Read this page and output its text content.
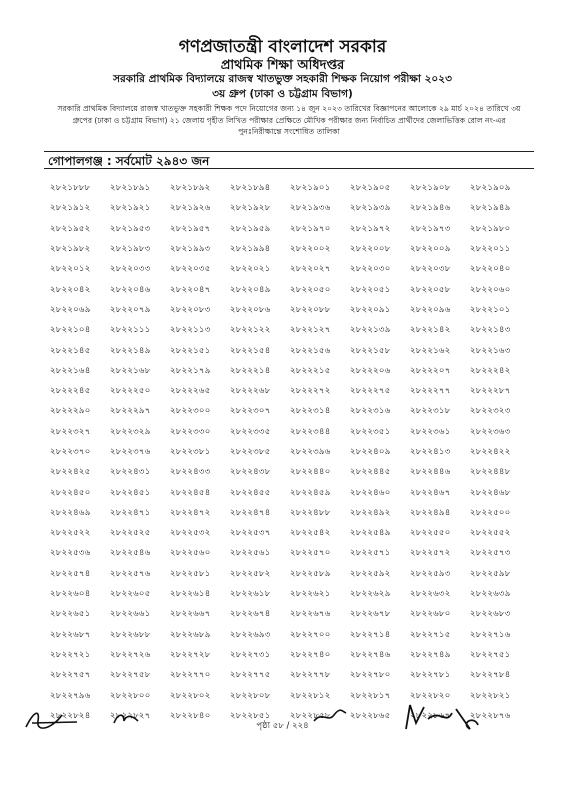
গণপ্রজাতন্ত্রী বাংলাদেশ সরকার
প্রাথমিক শিক্ষা অধিদপ্তর
সরকারি প্রাথমিক বিদ্যালয়ে রাজস্ব খাতভুক্ত সহকারী শিক্ষক নিয়োগ পরীক্ষা ২০২৩
৩য় গ্রুপ (ঢাকা ও চট্টগ্রাম বিভাগ)
সরকারি প্রাথমিক বিদ্যালয়ে রাজস্ব খাতভুক্ত সহকারী শিক্ষক পদে নিয়োগের জন্য ১৪ জুন ২০২৩ তারিখের বিজ্ঞাপনের আলোকে ২৯ মার্চ ২০২৪ তারিখে ৩য় গ্রুপের (ঢাকা ও চট্টগ্রাম বিভাগ) ২১ জেলায় গৃহীত লিখিত পরীক্ষার প্রেক্ষিতে মৌখিক পরীক্ষার জন্য নির্বাচিত প্রার্থীদের জেলাভিত্তিক রোল নং-এর পুনঃনিরীক্ষান্তে সংশোধিত তালিকা
গোপালগঞ্জ : সর্বমোট ২৯৪৩ জন
২৮২১৮৮৮	২৮২১৮৯১	২৮২১৮৯২	২৮২১৮৯৪	২৮২১৯০১	২৮২১৯০৫	২৮২১৯০৮	২৮২১৯০৯
২৮২১৯১২	২৮২১৯২১	২৮২১৯২৬	২৮২১৯২৮	২৮২১৯৩৬	২৮২১৯৩৯	২৮২১৯৪৬	২৮২১৯৪৯
২৮২১৯৫২	২৮২১৯৫৩	২৮২১৯৫৭	২৮২১৯৫৯	২৮২১৯৭০	২৮২১৯৭২	২৮২১৯৭৩	২৮২১৯৮০
২৮২১৯৮২	২৮২১৯৮৩	২৮২১৯৯৩	২৮২১৯৯৪	২৮২২০০২	২৮২২০০৮	২৮২২০০৯	২৮২২০১১
২৮২২০১২	২৮২২০৩৩	২৮২২০৩৫	২৮২২০২১	২৮২২০২৭	২৮২২০৩০	২৮২২০৩৮	২৮২২০৪০
২৮২২০৪২	২৮২২০৪৬	২৮২২০৪৭	২৮২২০৪৯	২৮২২০৫০	২৮২২০৫১	২৮২২০৫৮	২৮২২০৬০
২৮২২০৬৯	২৮২২০৭৯	২৮২২০৮৩	২৮২২০৮৬	২৮২২০৮৮	২৮২২০৯১	২৮২২০৯৬	২৮২২১০১
২৮২২১০৪	২৮২২১১১	২৮২২১১৩	২৮২২১২২	২৮২২১২৭	২৮২২১৩৯	২৮২২১৪২	২৮২২১৪৩
২৮২২১৪৫	২৮২২১৪৯	২৮২২১৫১	২৮২২১৫৪	২৮২২১৫৬	২৮২২১৫৮	২৮২২১৬২	২৮২২১৬৩
২৮২২১৬৪	২৮২২১৬৮	২৮২২১৭৯	২৮২২২১৪	২৮২২২১৫	২৮২২২০৬	২৮২২২০৭	২৮২২২৪২
২৮২২২৪৫	২৮২২২৫০	২৮২২২৬৫	২৮২২২৬৮	২৮২২২৭২	২৮২২২৭৫	২৮২২২৭৭	২৮২২২৮৭
২৮২২২৯০	২৮২২২৯৭	২৮২২৩০০	২৮২২৩০৭	২৮২২৩১৪	২৮২২৩১৬	২৮২২৩১৮	২৮২২৩২৩
২৮২২৩২৭	২৮২২৩২৯	২৮২২৩৩০	২৮২২৩৩৫	২৮২২৩৪৪	২৮২২৩৫১	২৮২২৩৬১	২৮২২৩৬৩
২৮২২৩৭০	২৮২২৩৭৬	২৮২২৩৮১	২৮২২৩৮৫	২৮২২৩৯৬	২৮২২৪০৯	২৮২২৪১৩	২৮২২৪২২
২৮২২৪২৫	২৮২২৪৩১	২৮২২৪৩৩	২৮২২৪৩৮	২৮২২৪৪০	২৮২২৪৪৫	২৮২২৪৪৬	২৮২২৪৪৮
২৮২২৪৫০	২৮২২৪৫১	২৮২২৪৫৪	২৮২২৪৫৫	২৮২২৪৫৯	২৮২২৪৬০	২৮২২৪৬৭	২৮২২৪৬৮
২৮২২৪৬৯	২৮২২৪৭১	২৮২২৪৭২	২৮২২৪৭৪	২৮২২৪৮৮	২৮২২৪৯২	২৮২২৪৯৪	২৮২২৫০০
২৮২২৫২২	২৮২২৫২৫	২৮২২৫৩২	২৮২২৫৩৭	২৮২২৫৪২	২৮২২৫৪৯	২৮২২৫৫০	২৮২২৫৫২
২৮২২৫৩৬	২৮২২৫৪৬	২৮২২৫৬০	২৮২২৫৬১	২৮২২৫৭০	২৮২২৫৭১	২৮২২৫৭২	২৮২২৫৭৩
২৮২২৫৭৪	২৮২২৫৭৬	২৮২২৫৮১	২৮২২৫৮২	২৮২২৫৮৯	২৮২২৫৯২	২৮২২৫৯৩	২৮২২৫৯৮
২৮২২৬০৪	২৮২২৬০৫	২৮২২৬১৪	২৮২২৬১৮	২৮২২৬২১	২৮২২৬২৯	২৮২২৬৩২	২৮২২৬৩৯
২৮২২৬৫১	২৮২২৬৬১	২৮২২৬৬৭	২৮২২৬৭৪	২৮২২৬৭৬	২৮২২৬৭৮	২৮২২৬৮০	২৮২২৬৮৩
২৮২২৬৮৭	২৮২২৬৮৮	২৮২২৬৮৯	২৮২২৬৯৩	২৮২২৭০০	২৮২২৭১৪	২৮২২৭১৫	২৮২২৭১৬
২৮২২৭২১	২৮২২৭২৬	২৮২২৭২৮	২৮২২৭৩১	২৮২২৭৪০	২৮২২৭৪৬	২৮২২৭৪৯	২৮২২৭৫১
২৮২২৭৫৭	২৮২২৭৫৮	২৮২২৭৭০	২৮২২৭৭৫	২৮২২৭৭৮	২৮২২৭৮০	২৮২২৭৮১	২৮২২৭৮৪
২৮২২৭৯৬	২৮২২৮০০	২৮২২৮০২	২৮২২৮০৮	২৮২২৮১২	২৮২২৮১৭	২৮২২৮২০	২৮২২৮২১
২৮২২৮২৪	২৮২২৮২৭	২৮২২৮৪০	২৮২২৮৫১	২৮২২৮৫৮	২৮২২৮৬৫	২৮২২৮৬৭	২৮২২৮৭৬
পৃষ্ঠা ৫৮ / ২২৪
